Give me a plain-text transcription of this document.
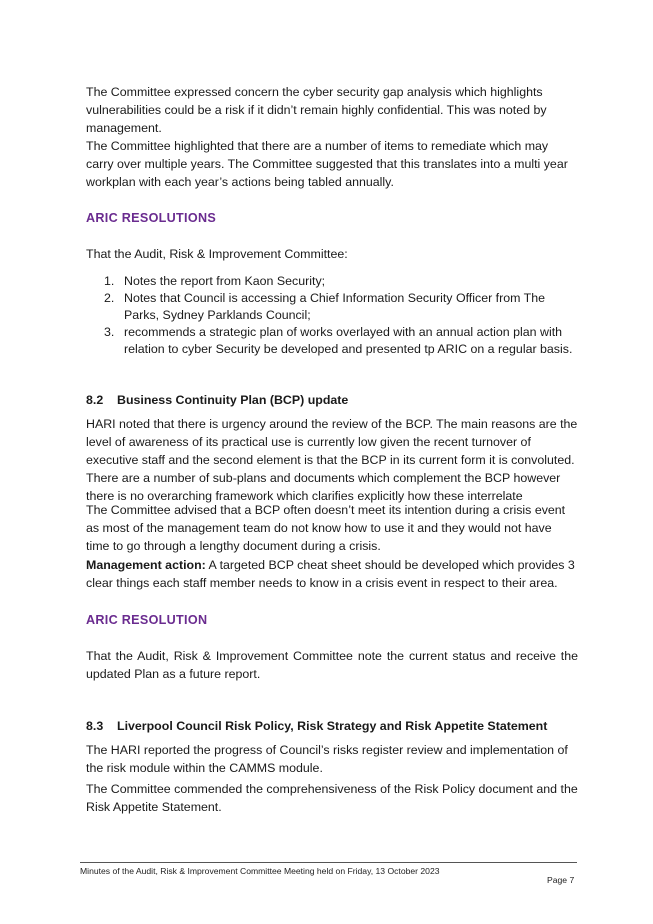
The Committee expressed concern the cyber security gap analysis which highlights vulnerabilities could be a risk if it didn’t remain highly confidential. This was noted by management.

The Committee highlighted that there are a number of items to remediate which may carry over multiple years. The Committee suggested that this translates into a multi year workplan with each year’s actions being tabled annually.

ARIC RESOLUTIONS

That the Audit, Risk & Improvement Committee:

1. Notes the report from Kaon Security;
2. Notes that Council is accessing a Chief Information Security Officer from The Parks, Sydney Parklands Council;
3. recommends a strategic plan of works overlayed with an annual action plan with relation to cyber Security be developed and presented tp ARIC on a regular basis.
8.2 Business Continuity Plan (BCP) update

HARI noted that there is urgency around the review of the BCP. The main reasons are the level of awareness of its practical use is currently low given the recent turnover of executive staff and the second element is that the BCP in its current form it is convoluted. There are a number of sub-plans and documents which complement the BCP however there is no overarching framework which clarifies explicitly how these interrelate

The Committee advised that a BCP often doesn’t meet its intention during a crisis event as most of the management team do not know how to use it and they would not have time to go through a lengthy document during a crisis.

Management action: A targeted BCP cheat sheet should be developed which provides 3 clear things each staff member needs to know in a crisis event in respect to their area.

ARIC RESOLUTION

That the Audit, Risk & Improvement Committee note the current status and receive the updated Plan as a future report.

8.3 Liverpool Council Risk Policy, Risk Strategy and Risk Appetite Statement

The HARI reported the progress of Council’s risks register review and implementation of the risk module within the CAMMS module.

The Committee commended the comprehensiveness of the Risk Policy document and the Risk Appetite Statement.

Minutes of the Audit, Risk & Improvement Committee Meeting held on Friday, 13 October 2023
Page 7
